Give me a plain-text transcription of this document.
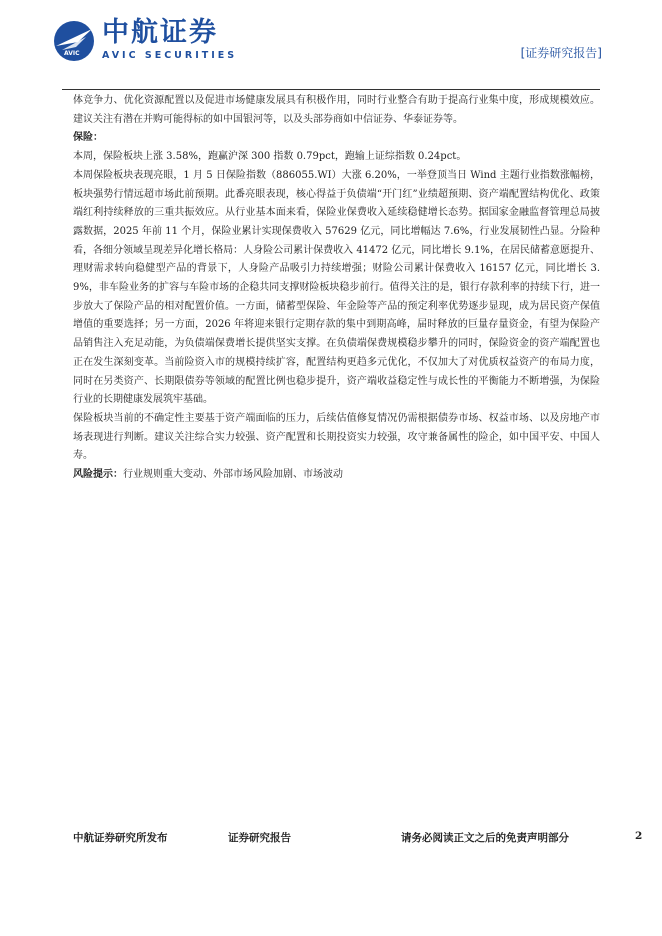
AVIC
中航证券
AVIC SECURITIES	[证券研究报告]

体竞争力、优化资源配置以及促进市场健康发展具有积极作用，同时行业整合有助于提高行业集中度，形成规模效应。建议关注有潜在并购可能得标的如中国银河等，以及头部券商如中信证券、华泰证券等。

保险：

本周，保险板块上涨 3.58%，跑赢沪深 300 指数 0.79pct，跑输上证综指数 0.24pct。

本周保险板块表现亮眼，1 月 5 日保险指数（886055.WI）大涨 6.20%，一举登顶当日 Wind 主题行业指数涨幅榜，板块强势行情远超市场此前预期。此番亮眼表现，核心得益于负债端“开门红”业绩超预期、资产端配置结构优化、政策端红利持续释放的三重共振效应。从行业基本面来看，保险业保费收入延续稳健增长态势。据国家金融监督管理总局披露数据，2025 年前 11 个月，保险业累计实现保费收入 57629 亿元，同比增幅达 7.6%，行业发展韧性凸显。分险种看，各细分领域呈现差异化增长格局：人身险公司累计保费收入 41472 亿元，同比增长 9.1%，在居民储蓄意愿提升、理财需求转向稳健型产品的背景下，人身险产品吸引力持续增强；财险公司累计保费收入 16157 亿元，同比增长 3.9%，非车险业务的扩容与车险市场的企稳共同支撑财险板块稳步前行。值得关注的是，银行存款利率的持续下行，进一步放大了保险产品的相对配置价值。一方面，储蓄型保险、年金险等产品的预定利率优势逐步显现，成为居民资产保值增值的重要选择；另一方面，2026 年将迎来银行定期存款的集中到期高峰，届时释放的巨量存量资金，有望为保险产品销售注入充足动能，为负债端保费增长提供坚实支撑。在负债端保费规模稳步攀升的同时，保险资金的资产端配置也正在发生深刻变革。当前险资入市的规模持续扩容，配置结构更趋多元优化，不仅加大了对优质权益资产的布局力度，同时在另类资产、长期限债券等领域的配置比例也稳步提升，资产端收益稳定性与成长性的平衡能力不断增强，为保险行业的长期健康发展筑牢基础。

保险板块当前的不确定性主要基于资产端面临的压力，后续估值修复情况仍需根据债券市场、权益市场、以及房地产市场表现进行判断。建议关注综合实力较强、资产配置和长期投资实力较强，攻守兼备属性的险企，如中国平安、中国人寿。

风险提示：行业规则重大变动、外部市场风险加剧、市场波动

中航证券研究所发布	证券研究报告	请务必阅读正文之后的免责声明部分	2
